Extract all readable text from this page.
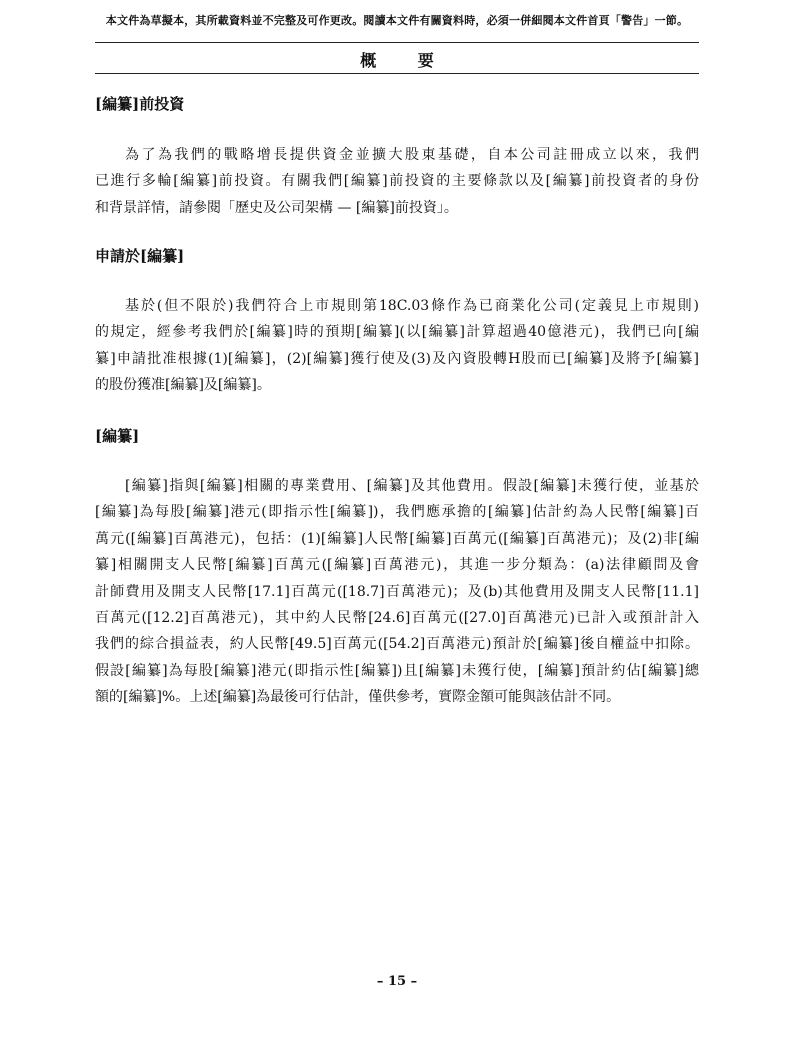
本文件為草擬本，其所載資料並不完整及可作更改。閱讀本文件有關資料時，必須一併細閱本文件首頁「警告」一節。
概 要
[編纂]前投資
為了為我們的戰略增長提供資金並擴大股東基礎，自本公司註冊成立以來，我們
已進行多輪[編纂]前投資。有關我們[編纂]前投資的主要條款以及[編纂]前投資者的身份
和背景詳情，請參閱「歷史及公司架構 — [編纂]前投資」。
申請於[編纂]
基於(但不限於)我們符合上市規則第18C.03條作為已商業化公司(定義見上市規則)
的規定，經參考我們於[編纂]時的預期[編纂](以[編纂]計算超過40億港元)，我們已向[編
纂]申請批准根據(1)[編纂]，(2)[編纂]獲行使及(3)及內資股轉H股而已[編纂]及將予[編纂]
的股份獲准[編纂]及[編纂]。
[編纂]
[編纂]指與[編纂]相關的專業費用、[編纂]及其他費用。假設[編纂]未獲行使，並基於
[編纂]為每股[編纂]港元(即指示性[編纂])，我們應承擔的[編纂]估計約為人民幣[編纂]百
萬元([編纂]百萬港元)，包括：(1)[編纂]人民幣[編纂]百萬元([編纂]百萬港元)；及(2)非[編
纂]相關開支人民幣[編纂]百萬元([編纂]百萬港元)，其進一步分類為：(a)法律顧問及會
計師費用及開支人民幣[17.1]百萬元([18.7]百萬港元)；及(b)其他費用及開支人民幣[11.1]
百萬元([12.2]百萬港元)，其中約人民幣[24.6]百萬元([27.0]百萬港元)已計入或預計計入
我們的綜合損益表，約人民幣[49.5]百萬元([54.2]百萬港元)預計於[編纂]後自權益中扣除。
假設[編纂]為每股[編纂]港元(即指示性[編纂])且[編纂]未獲行使，[編纂]預計約佔[編纂]總
額的[編纂]%。上述[編纂]為最後可行估計，僅供參考，實際金額可能與該估計不同。
– 15 –
